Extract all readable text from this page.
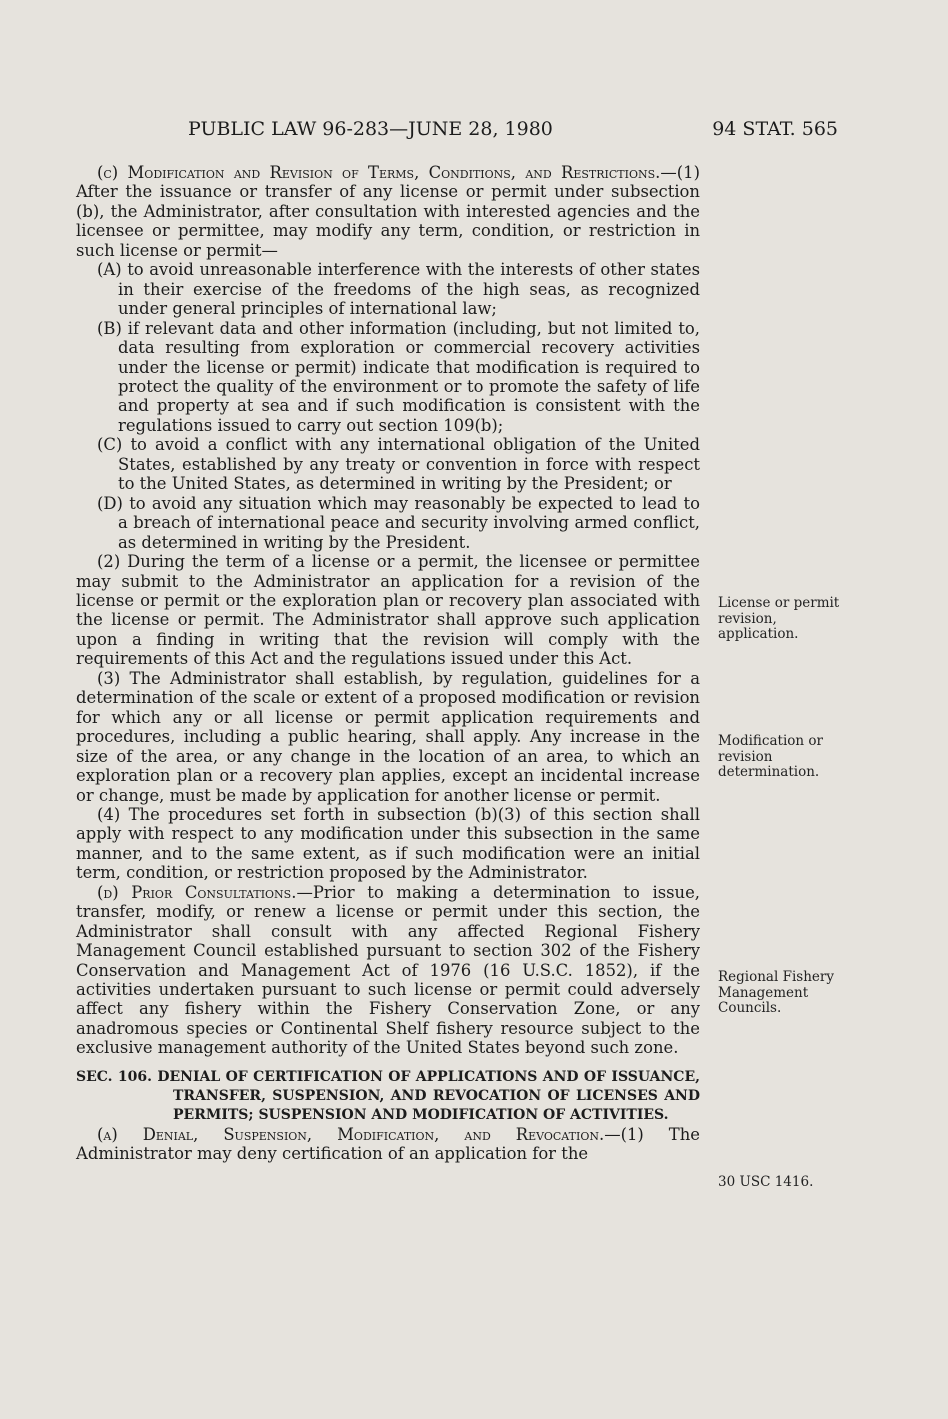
PUBLIC LAW 96-283—JUNE 28, 1980	94 STAT. 565

(c) Modification and Revision of Terms, Conditions, and Restrictions.—(1) After the issuance or transfer of any license or permit under subsection (b), the Administrator, after consultation with interested agencies and the licensee or permittee, may modify any term, condition, or restriction in such license or permit—

(A) to avoid unreasonable interference with the interests of other states in their exercise of the freedoms of the high seas, as recognized under general principles of international law;

(B) if relevant data and other information (including, but not limited to, data resulting from exploration or commercial recovery activities under the license or permit) indicate that modification is required to protect the quality of the environment or to promote the safety of life and property at sea and if such modification is consistent with the regulations issued to carry out section 109(b);

(C) to avoid a conflict with any international obligation of the United States, established by any treaty or convention in force with respect to the United States, as determined in writing by the President; or

(D) to avoid any situation which may reasonably be expected to lead to a breach of international peace and security involving armed conflict, as determined in writing by the President.

(2) During the term of a license or a permit, the licensee or permittee may submit to the Administrator an application for a revision of the license or permit or the exploration plan or recovery plan associated with the license or permit. The Administrator shall approve such application upon a finding in writing that the revision will comply with the requirements of this Act and the regulations issued under this Act.

(3) The Administrator shall establish, by regulation, guidelines for a determination of the scale or extent of a proposed modification or revision for which any or all license or permit application requirements and procedures, including a public hearing, shall apply. Any increase in the size of the area, or any change in the location of an area, to which an exploration plan or a recovery plan applies, except an incidental increase or change, must be made by application for another license or permit.

(4) The procedures set forth in subsection (b)(3) of this section shall apply with respect to any modification under this subsection in the same manner, and to the same extent, as if such modification were an initial term, condition, or restriction proposed by the Administrator.

(d) Prior Consultations.—Prior to making a determination to issue, transfer, modify, or renew a license or permit under this section, the Administrator shall consult with any affected Regional Fishery Management Council established pursuant to section 302 of the Fishery Conservation and Management Act of 1976 (16 U.S.C. 1852), if the activities undertaken pursuant to such license or permit could adversely affect any fishery within the Fishery Conservation Zone, or any anadromous species or Continental Shelf fishery resource subject to the exclusive management authority of the United States beyond such zone.

SEC. 106. DENIAL OF CERTIFICATION OF APPLICATIONS AND OF ISSUANCE, TRANSFER, SUSPENSION, AND REVOCATION OF LICENSES AND PERMITS; SUSPENSION AND MODIFICATION OF ACTIVITIES.

(a) Denial, Suspension, Modification, and Revocation.—(1) The Administrator may deny certification of an application for the

License or permit revision, application.
Modification or revision determination.
Regional Fishery Management Councils.
30 USC 1416.
